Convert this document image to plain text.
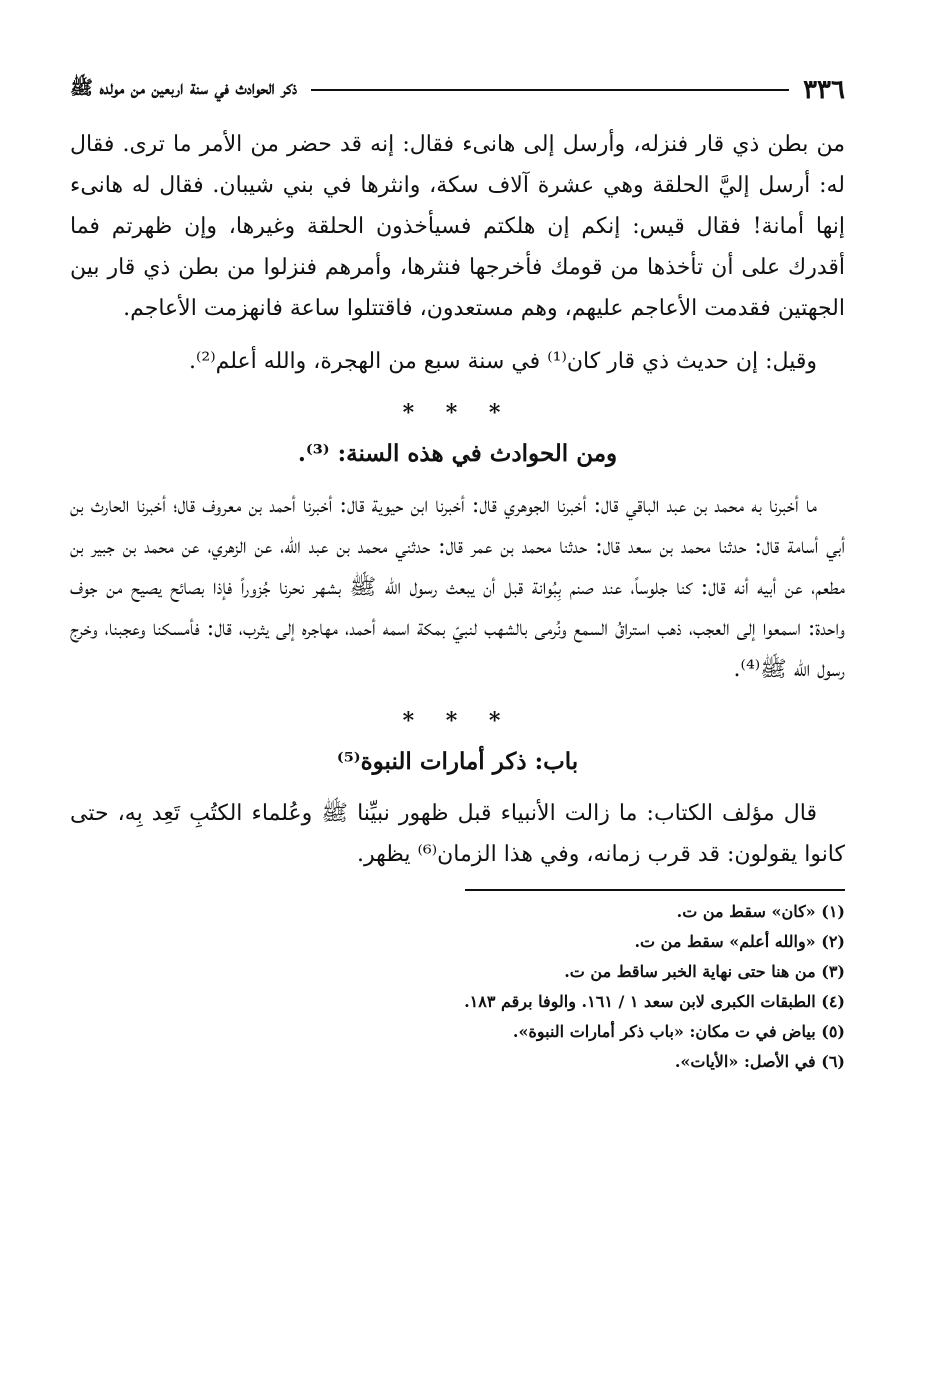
٣٣٦
ذكر الحوادث في سنة اربعين من مولده ﷺ

من بطن ذي قار فنزله، وأرسل إلى هانىء فقال: إنه قد حضر من الأمر ما ترى. فقال له: أرسل إليَّ الحلقة وهي عشرة آلاف سكة، وانثرها في بني شيبان. فقال له هانىء إنها أمانة! فقال قيس: إنكم إن هلكتم فسيأخذون الحلقة وغيرها، وإن ظهرتم فما أقدرك على أن تأخذها من قومك فأخرجها فنثرها، وأمرهم فنزلوا من بطن ذي قار بين الجهتين فقدمت الأعاجم عليهم، وهم مستعدون، فاقتتلوا ساعة فانهزمت الأعاجم.

وقيل: إن حديث ذي قار كان⁽¹⁾ في سنة سبع من الهجرة، والله أعلم⁽²⁾.

* * *
ومن الحوادث في هذه السنة: ⁽³⁾.

ما أخبرنا به محمد بن عبد الباقي قال: أخبرنا الجوهري قال: أخبرنا ابن حيوية قال: أخبرنا أحمد بن معروف قال؛ أخبرنا الحارث بن أبي أسامة قال: حدثنا محمد بن سعد قال: حدثنا محمد بن عمر قال: حدثني محمد بن عبد الله، عن الزهري، عن محمد بن جبير بن مطعم، عن أبيه أنه قال: كنا جلوساً، عند صنم بِبُوانة قبل أن يبعث رسول الله ﷺ بشهر نحرنا جُزوراً فإذا بصائح يصيح من جوف واحدة: اسمعوا إلى العجب، ذهب استراقُ السمع ونُرمى بالشهب لنبيّ بمكة اسمه أحمد، مهاجره إلى يثرب، قال: فأمسكنا وعجبنا، وخرج رسول الله ﷺ⁽⁴⁾.

* * *
باب: ذكر أمارات النبوة⁽⁵⁾

قال مؤلف الكتاب: ما زالت الأنبياء قبل ظهور نبيِّنا ﷺ وعُلماء الكتُبِ تَعِد بِه، حتى كانوا يقولون: قد قرب زمانه، وفي هذا الزمان⁽⁶⁾ يظهر.

(١) «كان» سقط من ت.
(٢) «والله أعلم» سقط من ت.
(٣) من هنا حتى نهاية الخبر ساقط من ت.
(٤) الطبقات الكبرى لابن سعد ١ / ١٦١. والوفا برقم ١٨٣.
(٥) بياض في ت مكان: «باب ذكر أمارات النبوة».
(٦) في الأصل: «الأيات».
